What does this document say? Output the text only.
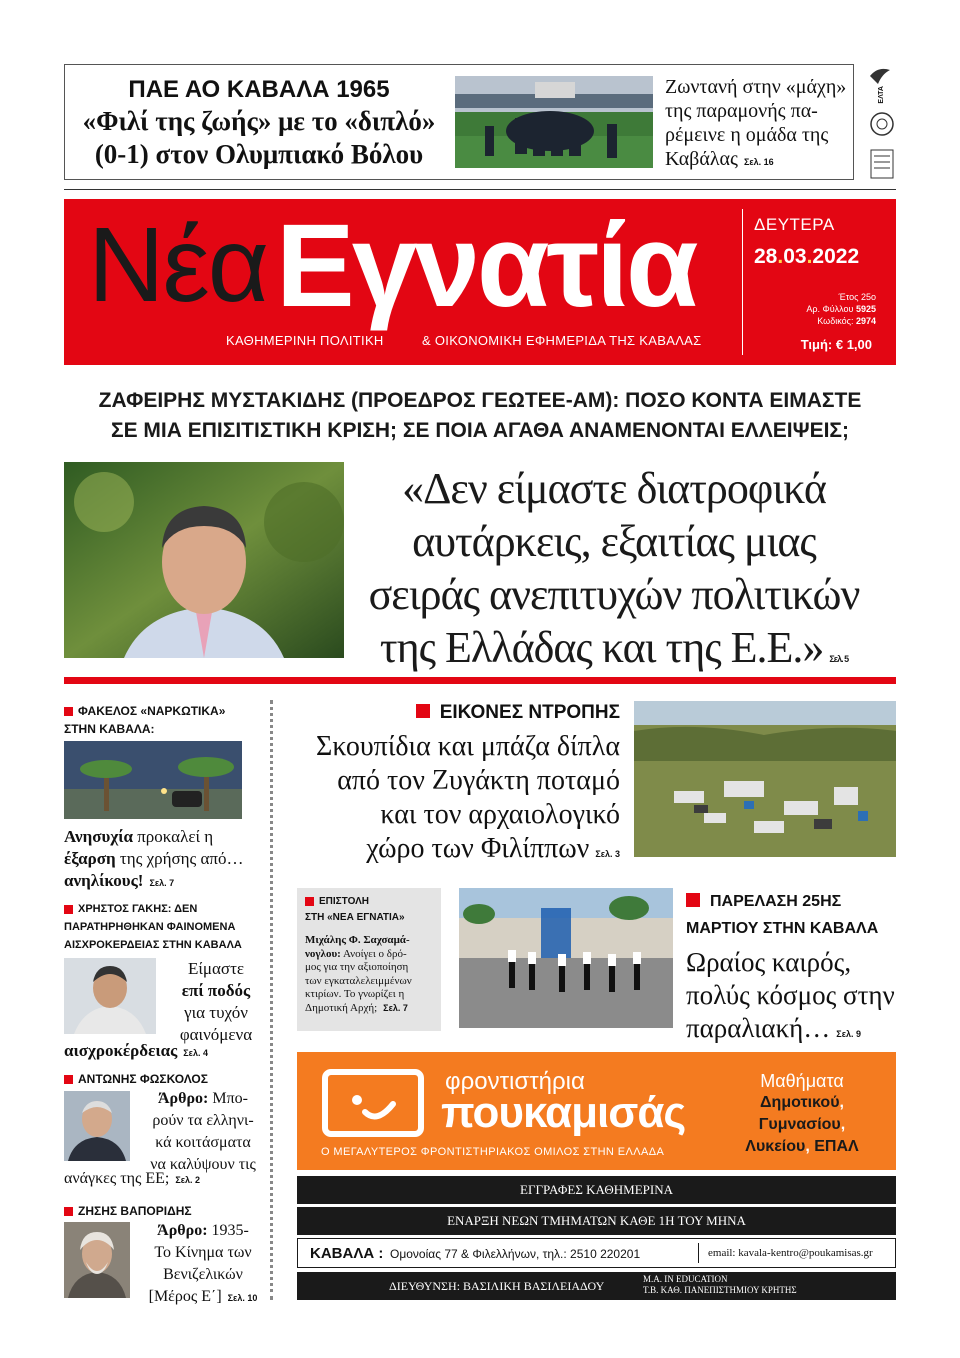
ΠΑΕ ΑΟ ΚΑΒΑΛΑ 1965
«Φιλί της ζωής» με το «διπλό»
(0-1) στον Ολυμπιακό Βόλου
Ζωντανή στην «μάχη»
της παραμονής πα-
ρέμεινε η ομάδα της
Καβάλας Σελ. 16
ΕΛΤΑ
Νέα Εγνατία
ΚΑΘΗΜΕΡΙΝΗ ΠΟΛΙΤΙΚΗ	& ΟΙΚΟΝΟΜΙΚΗ ΕΦΗΜΕΡΙΔΑ ΤΗΣ ΚΑΒΑΛΑΣ
ΔΕΥΤΕΡΑ
28.03.2022
Έτος 25ο
Αρ. Φύλλου 5925
Κωδικός: 2974
Τιμή: € 1,00
ΖΑΦΕΙΡΗΣ ΜΥΣΤΑΚΙΔΗΣ (ΠΡΟΕΔΡΟΣ ΓΕΩΤΕΕ-ΑΜ): ΠΟΣΟ ΚΟΝΤΑ ΕΙΜΑΣΤΕ
ΣΕ ΜΙΑ ΕΠΙΣΙΤΙΣΤΙΚΗ ΚΡΙΣΗ; ΣΕ ΠΟΙΑ ΑΓΑΘΑ ΑΝΑΜΕΝΟΝΤΑΙ ΕΛΛΕΙΨΕΙΣ;
«Δεν είμαστε διατροφικά
αυτάρκεις, εξαιτίας μιας
σειράς ανεπιτυχών πολιτικών
της Ελλάδας και της Ε.Ε.» Σελ. 5
ΦΑΚΕΛΟΣ «ΝΑΡΚΩΤΙΚΑ»
ΣΤΗΝ ΚΑΒΑΛΑ:
Ανησυχία προκαλεί η
έξαρση της χρήσης από…
ανηλίκους! Σελ. 7
ΧΡΗΣΤΟΣ ΓΑΚΗΣ: ΔΕΝ
ΠΑΡΑΤΗΡΗΘΗΚΑΝ ΦΑΙΝΟΜΕΝΑ
ΑΙΣΧΡΟΚΕΡΔΕΙΑΣ ΣΤΗΝ ΚΑΒΑΛΑ
Είμαστε
επί ποδός
για τυχόν
φαινόμενα
αισχροκέρδειας Σελ. 4
ΑΝΤΩΝΗΣ ΦΩΣΚΟΛΟΣ
Άρθρο: Μπο-
ρούν τα ελληνι-
κά κοιτάσματα
να καλύψουν τις
ανάγκες της ΕΕ; Σελ. 2
ΖΗΣΗΣ ΒΑΠΟΡΙΔΗΣ
Άρθρο: 1935-
Το Κίνημα των
Βενιζελικών
[Μέρος Ε΄] Σελ. 10
ΕΙΚΟΝΕΣ ΝΤΡΟΠΗΣ
Σκουπίδια και μπάζα δίπλα
από τον Ζυγάκτη ποταμό
και τον αρχαιολογικό
χώρο των Φιλίππων Σελ. 3
ΕΠΙΣΤΟΛΗ
ΣΤΗ «ΝΕΑ ΕΓΝΑΤΙΑ»
Μιχάλης Φ. Σαχσαμά-
νογλου: Ανοίγει ο δρό-
μος για την αξιοποίηση
των εγκαταλελειμμένων
κτιρίων. Το γνωρίζει η
Δημοτική Αρχή; Σελ. 7
ΠΑΡΕΛΑΣΗ 25ΗΣ
ΜΑΡΤΙΟΥ ΣΤΗΝ ΚΑΒΑΛΑ
Ωραίος καιρός,
πολύς κόσμος στην
παραλιακή… Σελ. 9
φροντιστήρια
πουκαμισάς
Ο ΜΕΓΑΛΥΤΕΡΟΣ ΦΡΟΝΤΙΣΤΗΡΙΑΚΟΣ ΟΜΙΛΟΣ ΣΤΗΝ ΕΛΛΑΔΑ
Μαθήματα
Δημοτικού,
Γυμνασίου,
Λυκείου, ΕΠΑΛ
ΕΓΓΡΑΦΕΣ ΚΑΘΗΜΕΡΙΝΑ
ΕΝΑΡΞΗ ΝΕΩΝ ΤΜΗΜΑΤΩΝ ΚΑΘΕ 1Η ΤΟΥ ΜΗΝΑ
ΚΑΒΑΛΑ : Ομονοίας 77 & Φιλελλήνων, τηλ.: 2510 220201	email: kavala-kentro@poukamisas.gr
ΔΙΕΥΘΥΝΣΗ: ΒΑΣΙΛΙΚΗ ΒΑΣΙΛΕΙΑΔΟΥ	Μ.Α. IN EDUCATION
Τ.Β. ΚΑΘ. ΠΑΝΕΠΙΣΤΗΜΙΟΥ ΚΡΗΤΗΣ
